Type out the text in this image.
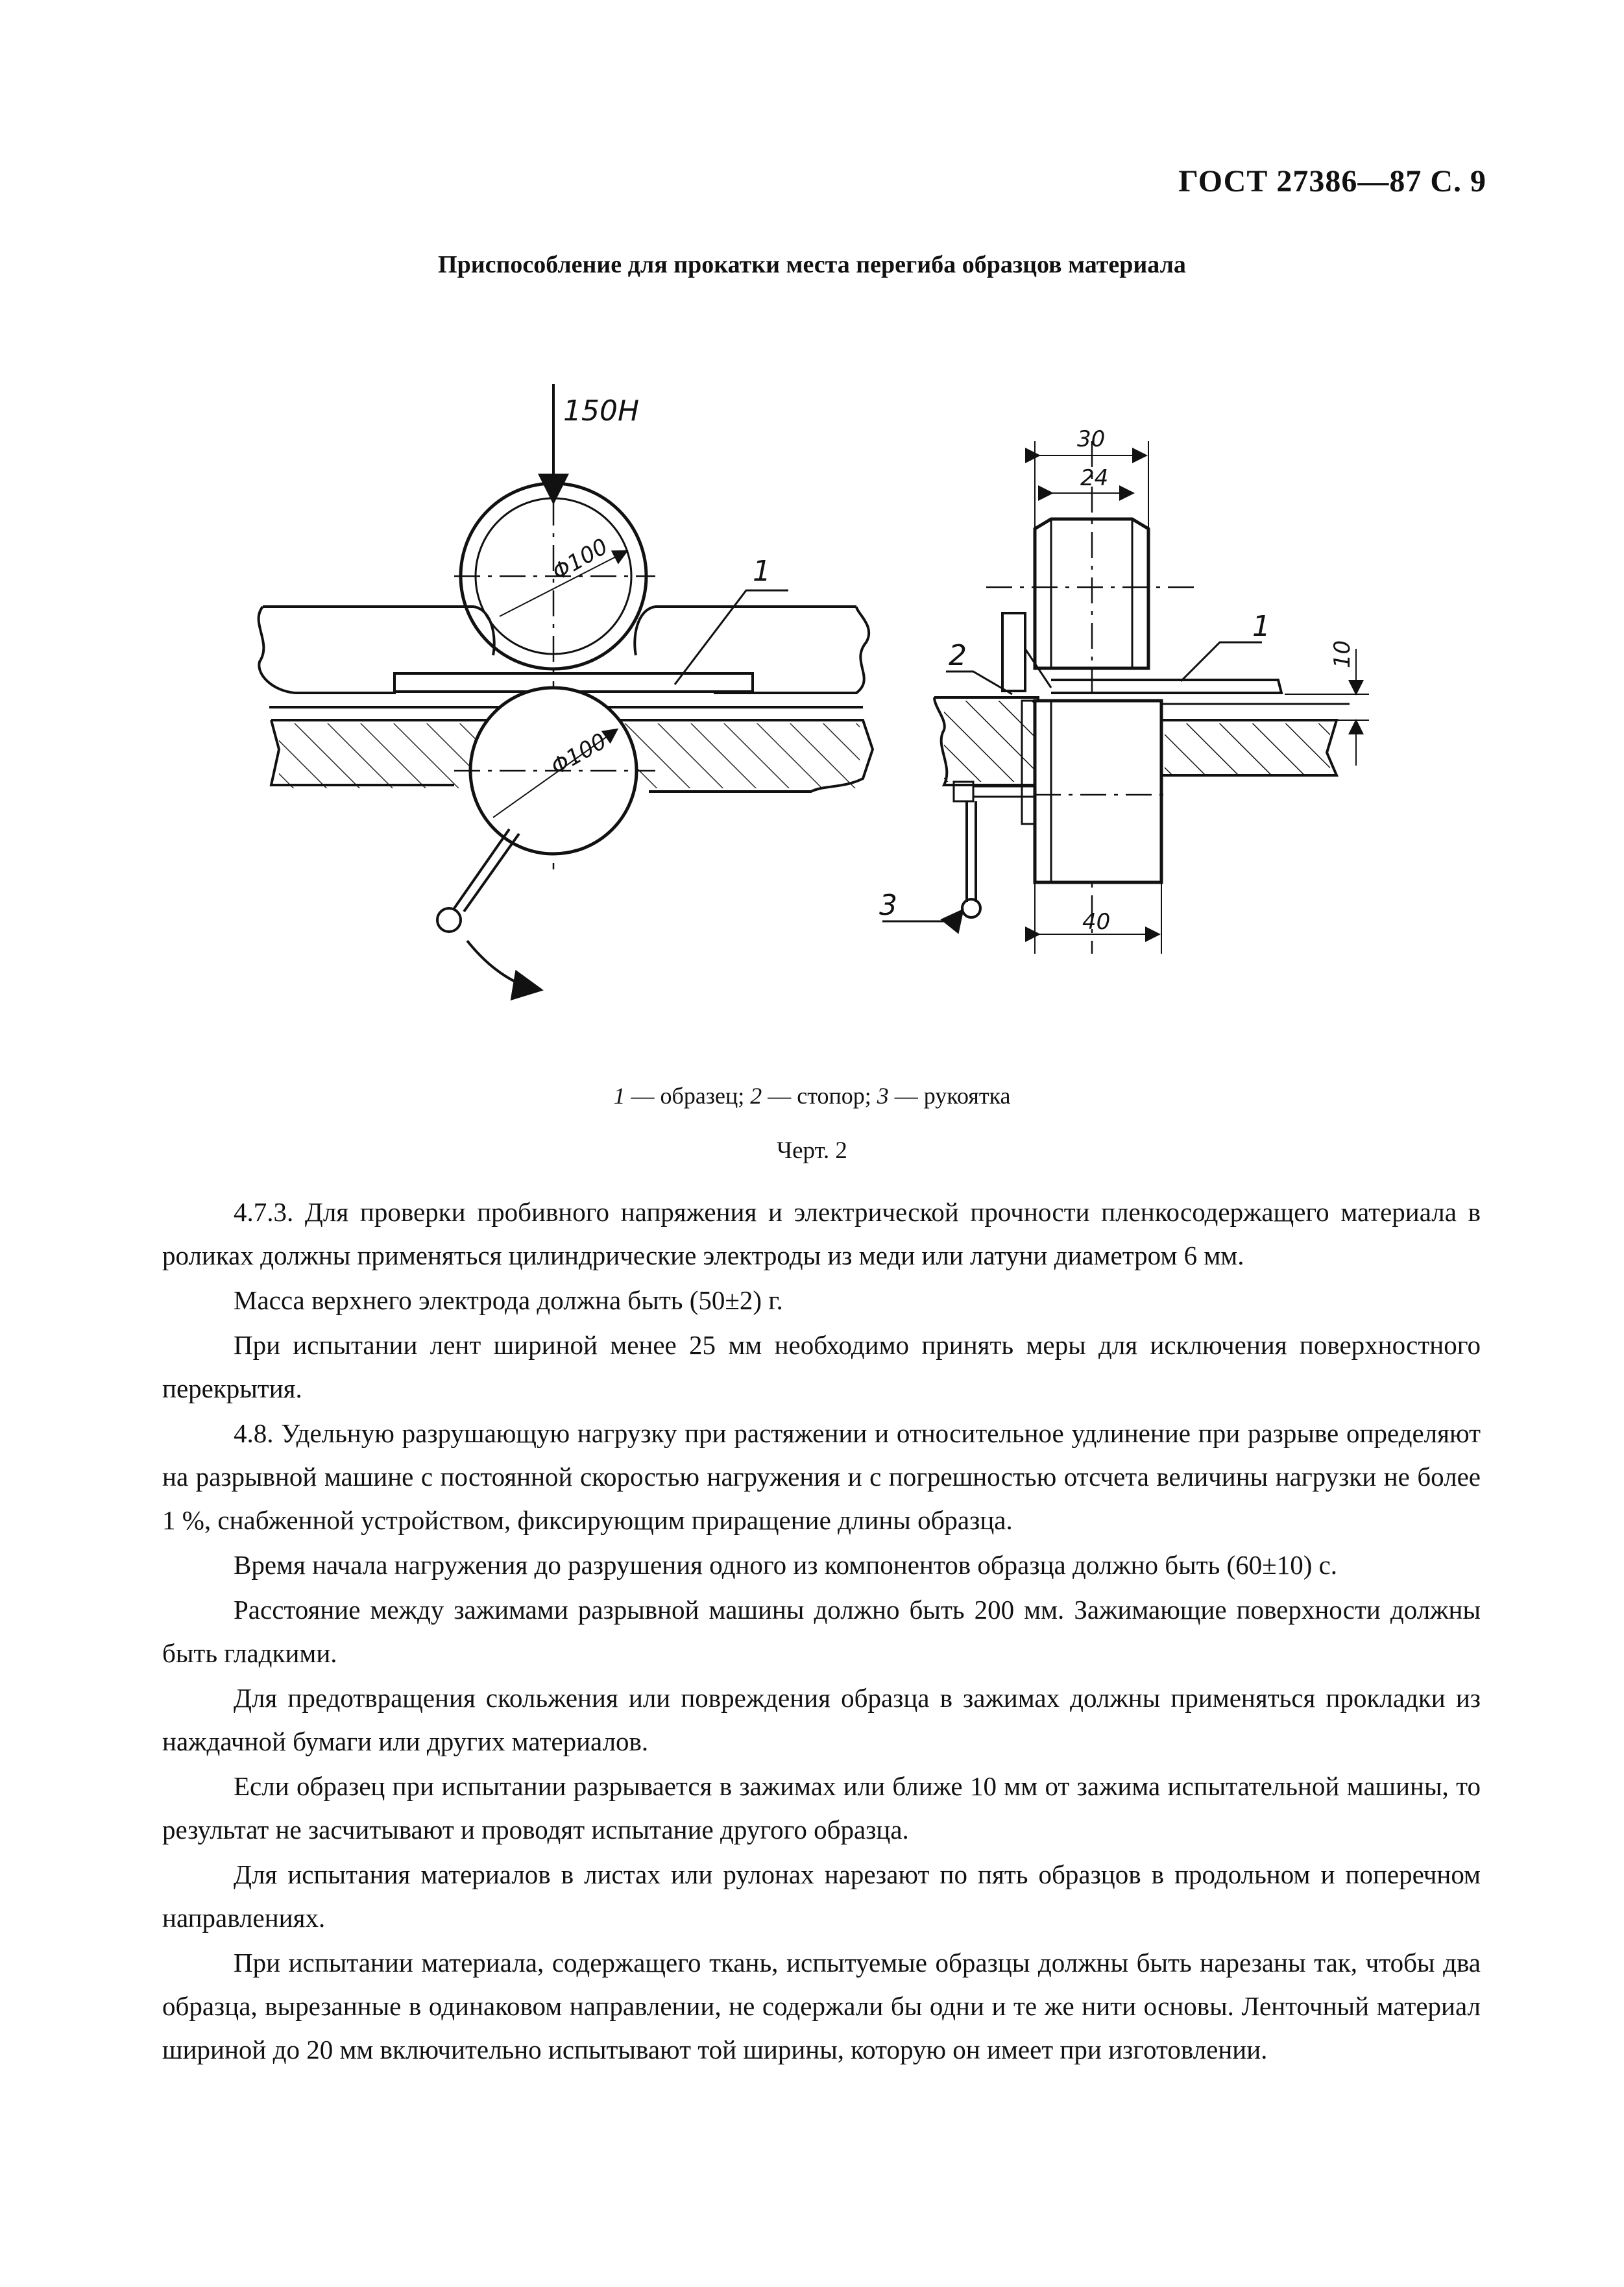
ГОСТ 27386—87 С. 9
Приспособление для прокатки места перегиба образцов материала
150Н
Φ100
Φ100
1
30
24
10
40
1
2
3
1 — образец; 2 — стопор; 3 — рукоятка
Черт. 2

4.7.3. Для проверки пробивного напряжения и электрической прочности пленкосодержащего материала в роликах должны применяться цилиндрические электроды из меди или латуни диаметром 6 мм.

Масса верхнего электрода должна быть (50±2) г.

При испытании лент шириной менее 25 мм необходимо принять меры для исключения поверхностного перекрытия.

4.8. Удельную разрушающую нагрузку при растяжении и относительное удлинение при разрыве определяют на разрывной машине с постоянной скоростью нагружения и с погрешностью отсчета величины нагрузки не более 1 %, снабженной устройством, фиксирующим приращение длины образца.

Время начала нагружения до разрушения одного из компонентов образца должно быть (60±10) с.

Расстояние между зажимами разрывной машины должно быть 200 мм. Зажимающие поверхности должны быть гладкими.

Для предотвращения скольжения или повреждения образца в зажимах должны применяться прокладки из наждачной бумаги или других материалов.

Если образец при испытании разрывается в зажимах или ближе 10 мм от зажима испытательной машины, то результат не засчитывают и проводят испытание другого образца.

Для испытания материалов в листах или рулонах нарезают по пять образцов в продольном и поперечном направлениях.

При испытании материала, содержащего ткань, испытуемые образцы должны быть нарезаны так, чтобы два образца, вырезанные в одинаковом направлении, не содержали бы одни и те же нити основы. Ленточный материал шириной до 20 мм включительно испытывают той ширины, которую он имеет при изготовлении.
